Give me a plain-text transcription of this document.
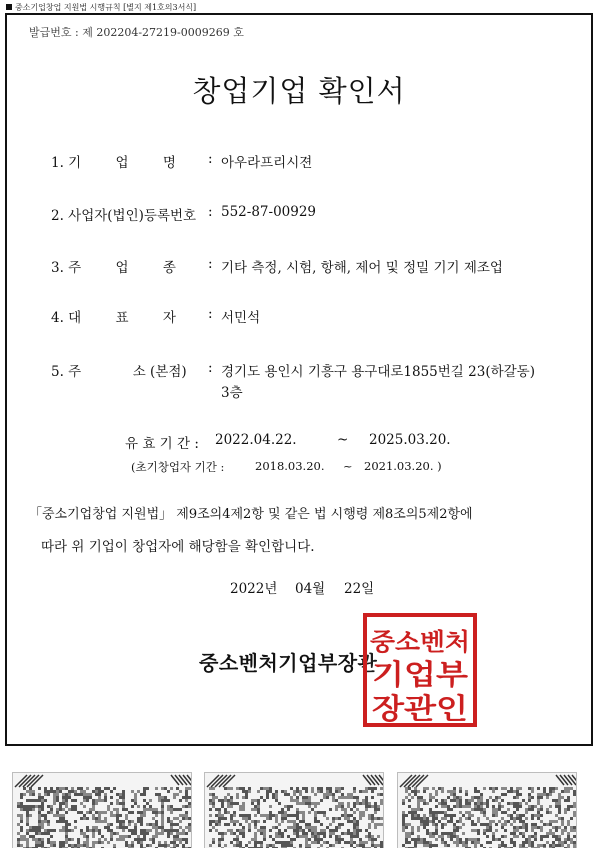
중소기업창업 지원법 시행규칙 [별지 제1호의3서식]
발급번호 : 제 202204-27219-0009269 호
창업기업 확인서
1. 기        업        명 : 아우라프리시젼
2. 사업자(법인)등록번호 : 552-87-00929
3. 주        업        종 : 기타 측정, 시험, 항해, 제어 및 정밀 기기 제조업
4. 대        표        자 : 서민석
5. 주            소 (본점) : 경기도 용인시 기흥구 용구대로1855번길 23(하갈동)
3층
유 효 기 간 : 2022.04.22.	~ 2025.03.20.
(초기창업자 기간 :	2018.03.20. ~ 2021.03.20. )
「중소기업창업 지원법」 제9조의4제2항 및 같은 법 시행령 제8조의5제2항에
따라 위 기업이 창업자에 해당함을 확인합니다.
2022년 04월 22일
중소벤처기업부장관
중소벤처
기업부
장관인
